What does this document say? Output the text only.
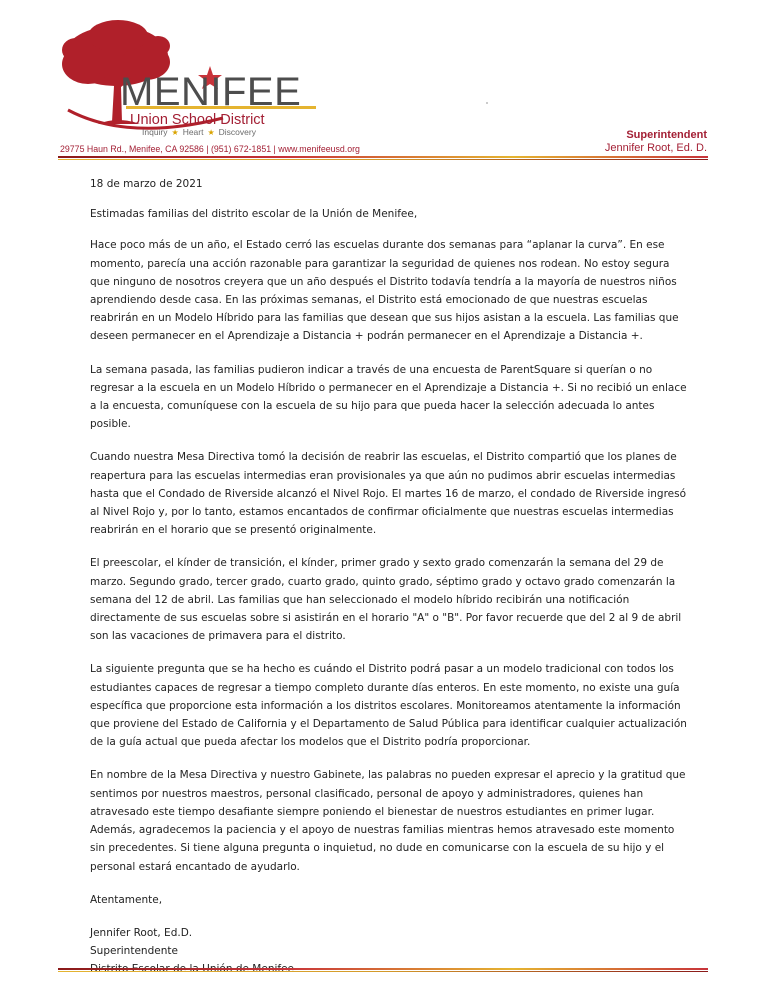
MENIFEE
Union School District
Inquiry ★ Heart ★ Discovery
29775 Haun Rd., Menifee, CA 92586 | (951) 672-1851 | www.menifeeusd.org
Superintendent
Jennifer Root, Ed. D.

18 de marzo de 2021

Estimadas familias del distrito escolar de la Unión de Menifee,

Hace poco más de un año, el Estado cerró las escuelas durante dos semanas para “aplanar la curva”. En ese momento, parecía una acción razonable para garantizar la seguridad de quienes nos rodean. No estoy segura que ninguno de nosotros creyera que un año después el Distrito todavía tendría a la mayoría de nuestros niños aprendiendo desde casa. En las próximas semanas, el Distrito está emocionado de que nuestras escuelas reabrirán en un Modelo Híbrido para las familias que desean que sus hijos asistan a la escuela. Las familias que deseen permanecer en el Aprendizaje a Distancia + podrán permanecer en el Aprendizaje a Distancia +.

La semana pasada, las familias pudieron indicar a través de una encuesta de ParentSquare si querían o no regresar a la escuela en un Modelo Híbrido o permanecer en el Aprendizaje a Distancia +. Si no recibió un enlace a la encuesta, comuníquese con la escuela de su hijo para que pueda hacer la selección adecuada lo antes posible.

Cuando nuestra Mesa Directiva tomó la decisión de reabrir las escuelas, el Distrito compartió que los planes de reapertura para las escuelas intermedias eran provisionales ya que aún no pudimos abrir escuelas intermedias hasta que el Condado de Riverside alcanzó el Nivel Rojo. El martes 16 de marzo, el condado de Riverside ingresó al Nivel Rojo y, por lo tanto, estamos encantados de confirmar oficialmente que nuestras escuelas intermedias reabrirán en el horario que se presentó originalmente.

El preescolar, el kínder de transición, el kínder, primer grado y sexto grado comenzarán la semana del 29 de marzo. Segundo grado, tercer grado, cuarto grado, quinto grado, séptimo grado y octavo grado comenzarán la semana del 12 de abril. Las familias que han seleccionado el modelo híbrido recibirán una notificación directamente de sus escuelas sobre si asistirán en el horario "A" o "B". Por favor recuerde que del 2 al 9 de abril son las vacaciones de primavera para el distrito.

La siguiente pregunta que se ha hecho es cuándo el Distrito podrá pasar a un modelo tradicional con todos los estudiantes capaces de regresar a tiempo completo durante días enteros. En este momento, no existe una guía específica que proporcione esta información a los distritos escolares. Monitoreamos atentamente la información que proviene del Estado de California y el Departamento de Salud Pública para identificar cualquier actualización de la guía actual que pueda afectar los modelos que el Distrito podría proporcionar.

En nombre de la Mesa Directiva y nuestro Gabinete, las palabras no pueden expresar el aprecio y la gratitud que sentimos por nuestros maestros, personal clasificado, personal de apoyo y administradores, quienes han atravesado este tiempo desafiante siempre poniendo el bienestar de nuestros estudiantes en primer lugar. Además, agradecemos la paciencia y el apoyo de nuestras familias mientras hemos atravesado este momento sin precedentes. Si tiene alguna pregunta o inquietud, no dude en comunicarse con la escuela de su hijo y el personal estará encantado de ayudarlo.

Atentamente,

Jennifer Root, Ed.D.

Superintendente
